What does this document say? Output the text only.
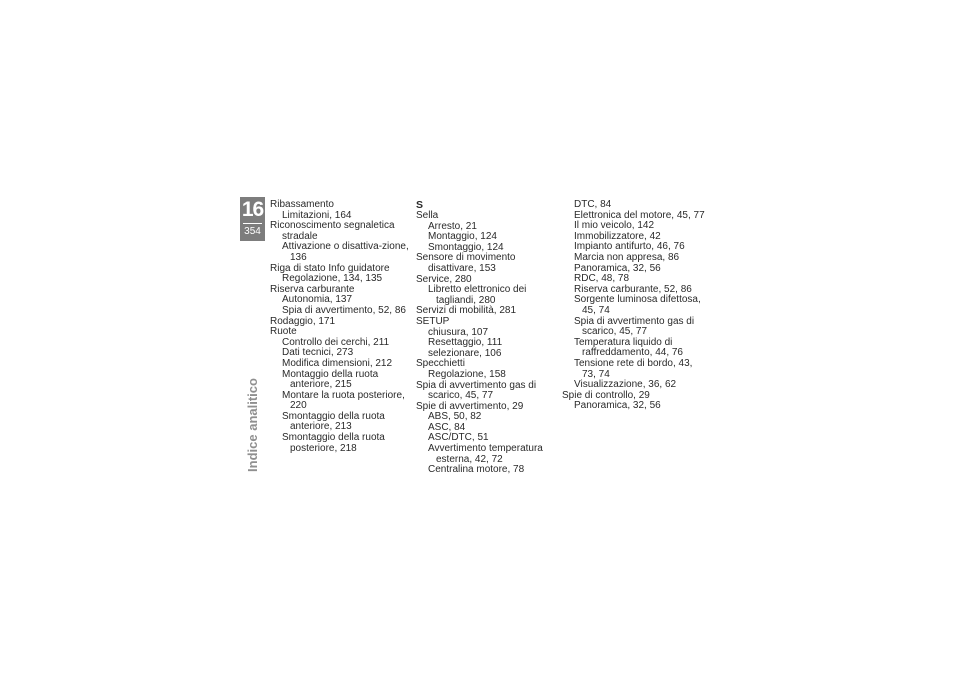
16
354
Indice analitico
Ribassamento
Limitazioni, 164
Riconoscimento segnaletica stradale
Attivazione o disattiva-zione, 136
Riga di stato Info guidatore
Regolazione, 134, 135
Riserva carburante
Autonomia, 137
Spia di avvertimento, 52, 86
Rodaggio, 171
Ruote
Controllo dei cerchi, 211
Dati tecnici, 273
Modifica dimensioni, 212
Montaggio della ruota anteriore, 215
Montare la ruota posteriore, 220
Smontaggio della ruota anteriore, 213
Smontaggio della ruota posteriore, 218
S
Sella
Arresto, 21
Montaggio, 124
Smontaggio, 124
Sensore di movimento
disattivare, 153
Service, 280
Libretto elettronico dei tagliandi, 280
Servizi di mobilità, 281
SETUP
chiusura, 107
Resettaggio, 111
selezionare, 106
Specchietti
Regolazione, 158
Spia di avvertimento gas di scarico, 45, 77
Spie di avvertimento, 29
ABS, 50, 82
ASC, 84
ASC/DTC, 51
Avvertimento temperatura esterna, 42, 72
Centralina motore, 78
DTC, 84
Elettronica del motore, 45, 77
Il mio veicolo, 142
Immobilizzatore, 42
Impianto antifurto, 46, 76
Marcia non appresa, 86
Panoramica, 32, 56
RDC, 48, 78
Riserva carburante, 52, 86
Sorgente luminosa difettosa, 45, 74
Spia di avvertimento gas di scarico, 45, 77
Temperatura liquido di raffreddamento, 44, 76
Tensione rete di bordo, 43, 73, 74
Visualizzazione, 36, 62
Spie di controllo, 29
Panoramica, 32, 56
